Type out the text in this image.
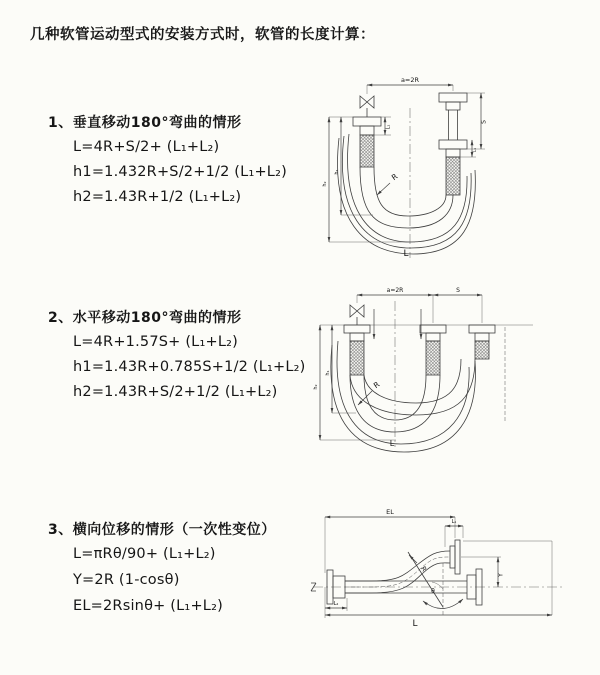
几种软管运动型式的安装方式时，软管的长度计算：
1、垂直移动180°弯曲的情形
L=4R+S/2+ (L₁+L₂)
h1=1.432R+S/2+1/2 (L₁+L₂)
h2=1.43R+1/2 (L₁+L₂)
2、水平移动180°弯曲的情形
L=4R+1.57S+ (L₁+L₂)
h1=1.43R+0.785S+1/2 (L₁+L₂)
h2=1.43R+S/2+1/2 (L₁+L₂)
3、横向位移的情形（一次性变位）
L=πRθ/90+ (L₁+L₂)
Y=2R (1-cosθ)
EL=2Rsinθ+ (L₁+L₂)
a=2R
h₁
h₂
L₁
S
L₁
R
L
a=2R	S
h₁
h₂	R
L
EL
L₁
Y
L
L₂
R
θ
